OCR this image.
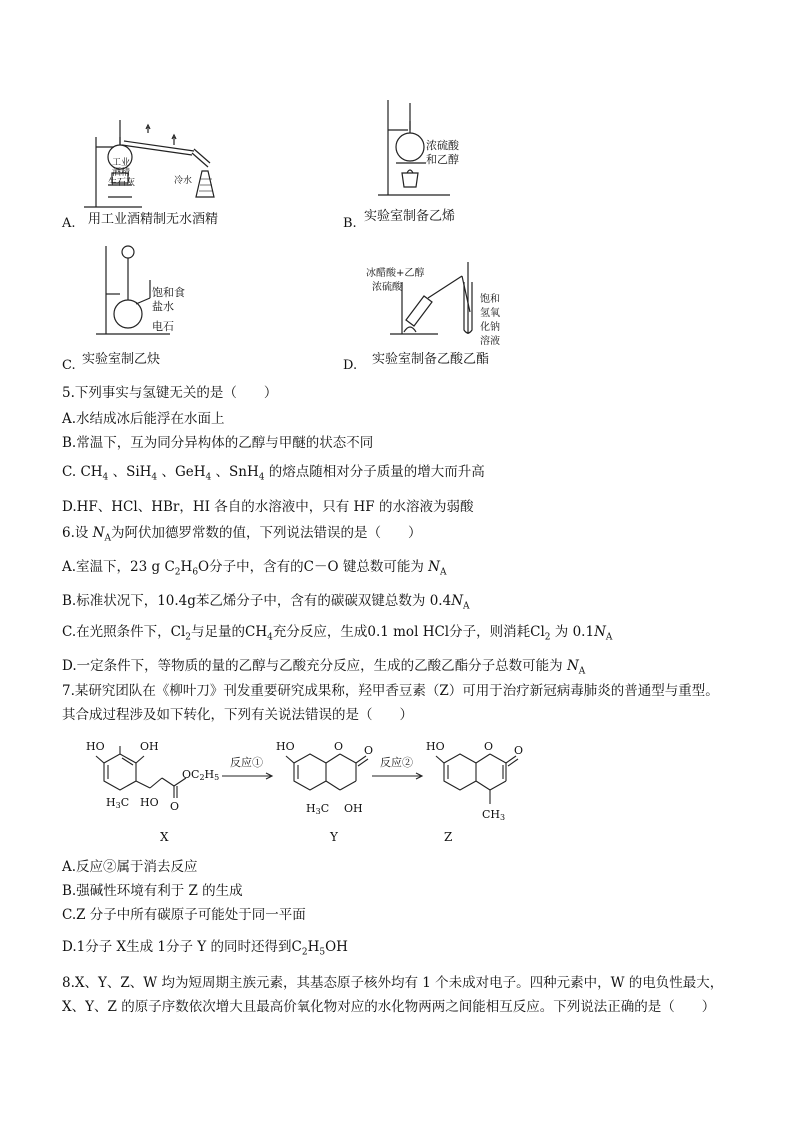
工业
酒精
生石灰	冷水
用工业酒精制无水酒精
A.
浓硫酸
和乙醇
实验室制备乙烯
B.
饱和食
盐水
电石
实验室制乙炔
C.
冰醋酸+乙醇
浓硫酸
饱和
氢氧
化钠
溶液
实验室制备乙酸乙酯
D.
5.下列事实与氢键无关的是（　　）
A.水结成冰后能浮在水面上
B.常温下，互为同分异构体的乙醇与甲醚的状态不同
C. $CH_4$ 、SiH$_4$ 、GeH$_4$ 、SnH$_4$ 的熔点随相对分子质量的增大而升高
D.HF、HCl、HBr，HI 各自的水溶液中，只有 HF 的水溶液为弱酸
6.设 $N_A$为阿伏加德罗常数的值，下列说法错误的是（　　）
A.室温下，23 g $C_2H_6O$分子中，含有的C－O 键总数可能为 $N_A$
B.标准状况下，10.4g苯乙烯分子中，含有的碳碳双键总数为 $0.4N_A$
C.在光照条件下，$Cl_2$与足量的$CH_4$充分反应，生成0.1 mol HCl分子，则消耗$Cl_2$ 为 $0.1N_A$
D.一定条件下，等物质的量的乙醇与乙酸充分反应，生成的乙酸乙酯分子总数可能为 $N_A$
7.某研究团队在《柳叶刀》刊发重要研究成果称，羟甲香豆素（Z）可用于治疗新冠病毒肺炎的普通型与重型。
其合成过程涉及如下转化，下列有关说法错误的是（　　）
HO	OH
OC2H5
H3C HO O
HO	O O
H3C OH
HO	O O
CH3
反应①	反应②
X	Y	Z
A.反应②属于消去反应
B.强碱性环境有利于 Z 的生成
C.Z 分子中所有碳原子可能处于同一平面
D.1分子 X生成 1分子 Y 的同时还得到$C_2H_5OH$
8.X、Y、Z、W 均为短周期主族元素，其基态原子核外均有 1 个未成对电子。四种元素中，W 的电负性最大，
X、Y、Z 的原子序数依次增大且最高价氧化物对应的水化物两两之间能相互反应。下列说法正确的是（　　）
